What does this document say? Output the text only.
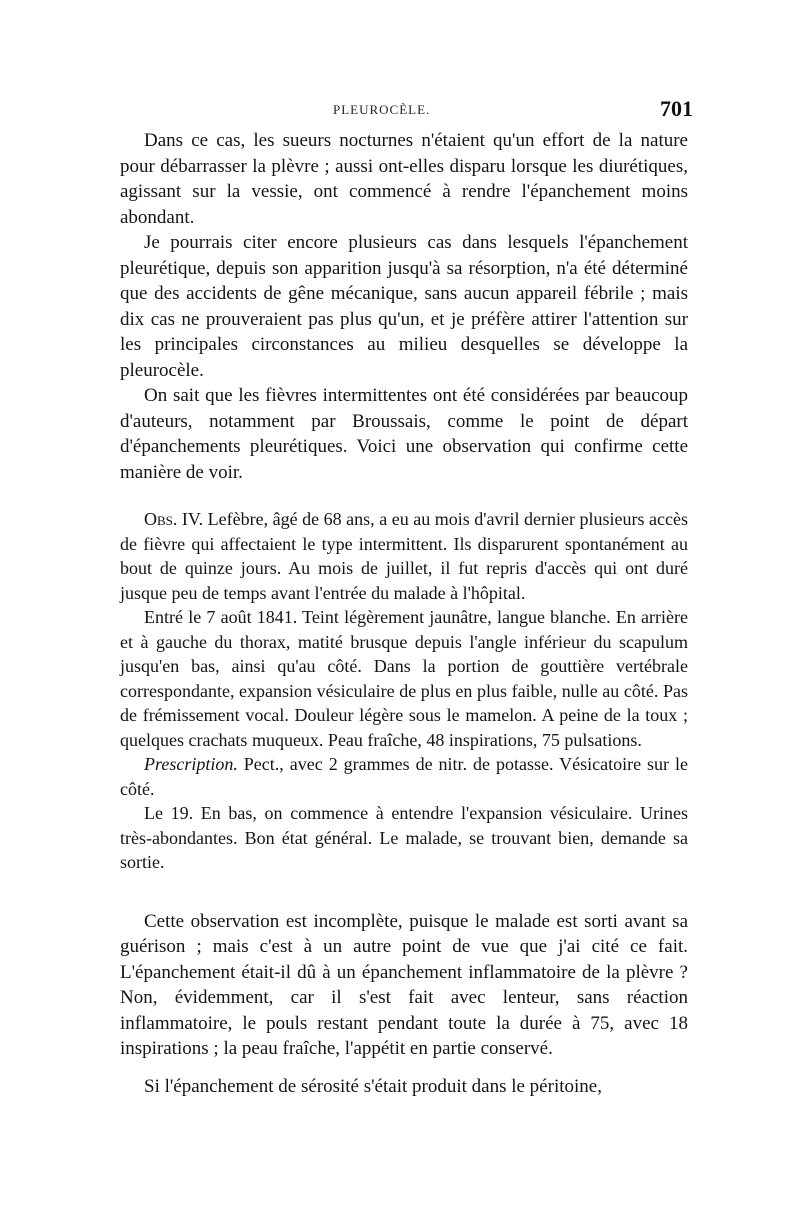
PLEUROCÈLE.	701

Dans ce cas, les sueurs nocturnes n'étaient qu'un effort de la nature pour débarrasser la plèvre ; aussi ont-elles disparu lorsque les diurétiques, agissant sur la vessie, ont commencé à rendre l'épanchement moins abondant.

Je pourrais citer encore plusieurs cas dans lesquels l'épanchement pleurétique, depuis son apparition jusqu'à sa résorption, n'a été déterminé que des accidents de gêne mécanique, sans aucun appareil fébrile ; mais dix cas ne prouveraient pas plus qu'un, et je préfère attirer l'attention sur les principales circonstances au milieu desquelles se développe la pleurocèle.

On sait que les fièvres intermittentes ont été considérées par beaucoup d'auteurs, notamment par Broussais, comme le point de départ d'épanchements pleurétiques. Voici une observation qui confirme cette manière de voir.

Obs. IV. Lefèbre, âgé de 68 ans, a eu au mois d'avril dernier plusieurs accès de fièvre qui affectaient le type intermittent. Ils disparurent spontanément au bout de quinze jours. Au mois de juillet, il fut repris d'accès qui ont duré jusque peu de temps avant l'entrée du malade à l'hôpital.

Entré le 7 août 1841. Teint légèrement jaunâtre, langue blanche. En arrière et à gauche du thorax, matité brusque depuis l'angle inférieur du scapulum jusqu'en bas, ainsi qu'au côté. Dans la portion de gouttière vertébrale correspondante, expansion vésiculaire de plus en plus faible, nulle au côté. Pas de frémissement vocal. Douleur légère sous le mamelon. A peine de la toux ; quelques crachats muqueux. Peau fraîche, 48 inspirations, 75 pulsations.

Prescription. Pect., avec 2 grammes de nitr. de potasse. Vésicatoire sur le côté.

Le 19. En bas, on commence à entendre l'expansion vésiculaire. Urines très-abondantes. Bon état général. Le malade, se trouvant bien, demande sa sortie.

Cette observation est incomplète, puisque le malade est sorti avant sa guérison ; mais c'est à un autre point de vue que j'ai cité ce fait. L'épanchement était-il dû à un épanchement inflammatoire de la plèvre ? Non, évidemment, car il s'est fait avec lenteur, sans réaction inflammatoire, le pouls restant pendant toute la durée à 75, avec 18 inspirations ; la peau fraîche, l'appétit en partie conservé.

Si l'épanchement de sérosité s'était produit dans le péritoine,
